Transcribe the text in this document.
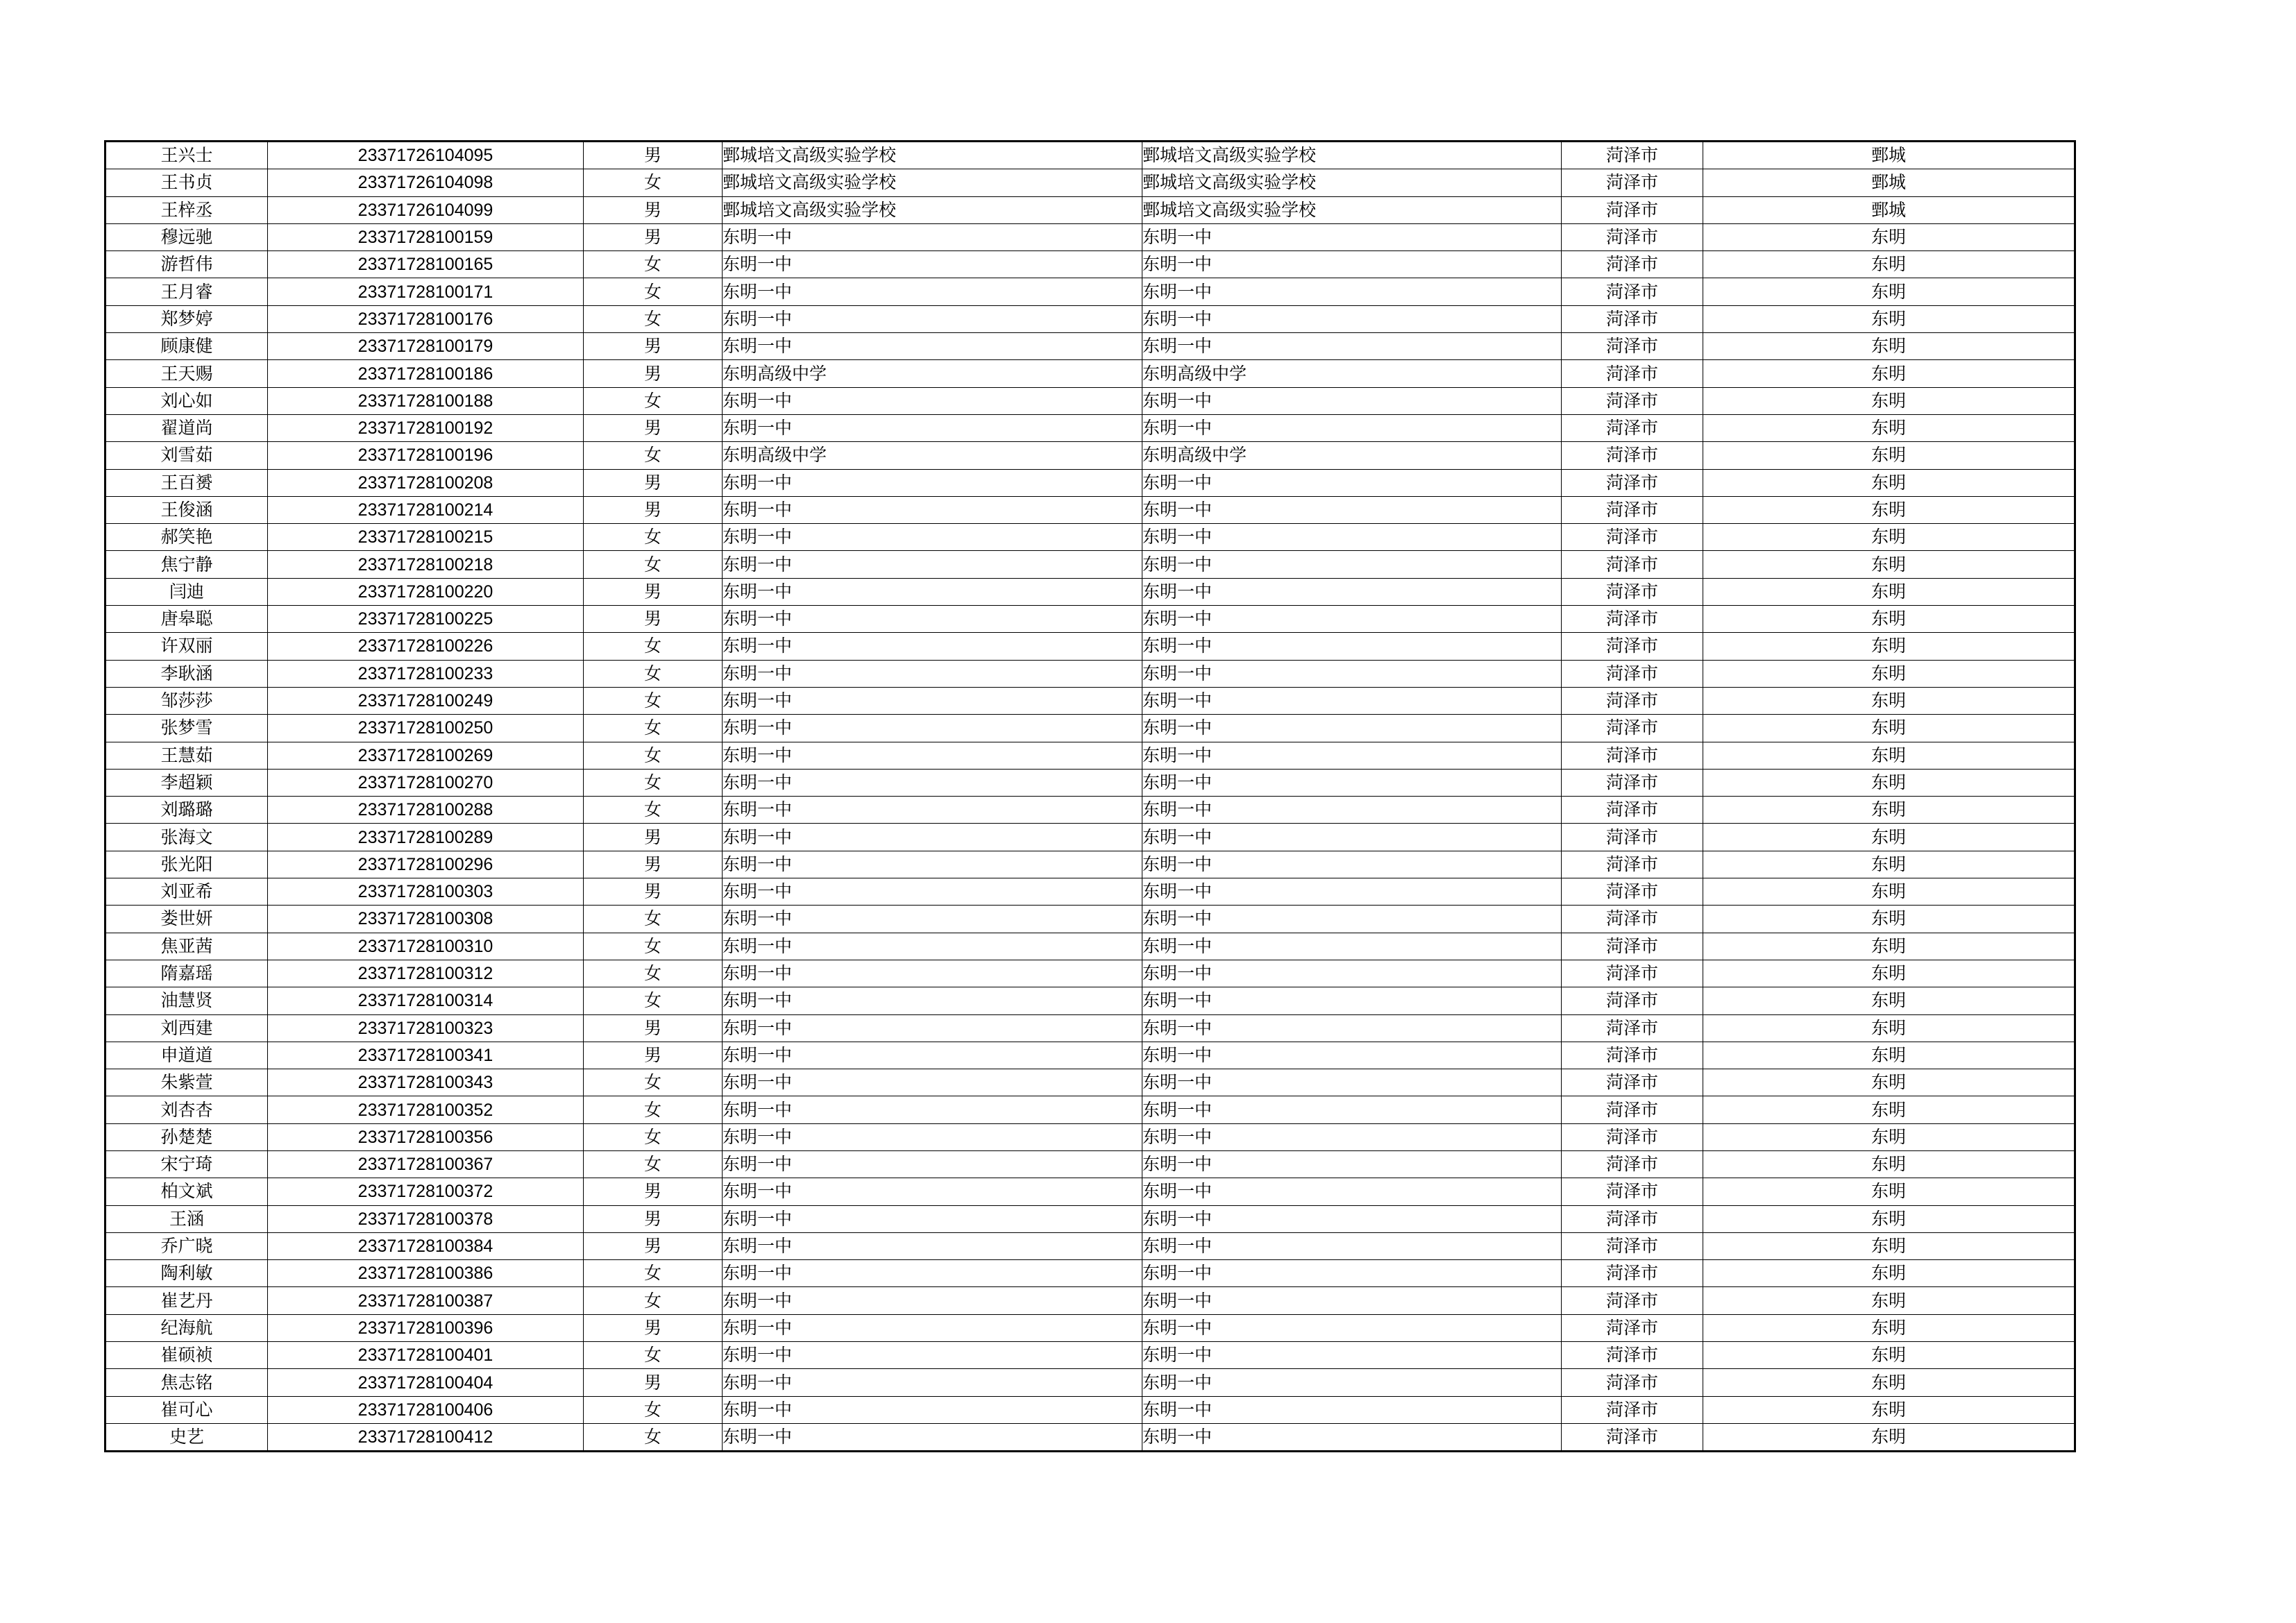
王兴士	23371726104095	男	鄄城培文高级实验学校	鄄城培文高级实验学校	菏泽市	鄄城
王书贞	23371726104098	女	鄄城培文高级实验学校	鄄城培文高级实验学校	菏泽市	鄄城
王梓丞	23371726104099	男	鄄城培文高级实验学校	鄄城培文高级实验学校	菏泽市	鄄城
穆远驰	23371728100159	男	东明一中	东明一中	菏泽市	东明
游哲伟	23371728100165	女	东明一中	东明一中	菏泽市	东明
王月睿	23371728100171	女	东明一中	东明一中	菏泽市	东明
郑梦婷	23371728100176	女	东明一中	东明一中	菏泽市	东明
顾康健	23371728100179	男	东明一中	东明一中	菏泽市	东明
王天赐	23371728100186	男	东明高级中学	东明高级中学	菏泽市	东明
刘心如	23371728100188	女	东明一中	东明一中	菏泽市	东明
翟道尚	23371728100192	男	东明一中	东明一中	菏泽市	东明
刘雪茹	23371728100196	女	东明高级中学	东明高级中学	菏泽市	东明
王百赟	23371728100208	男	东明一中	东明一中	菏泽市	东明
王俊涵	23371728100214	男	东明一中	东明一中	菏泽市	东明
郝笑艳	23371728100215	女	东明一中	东明一中	菏泽市	东明
焦宁静	23371728100218	女	东明一中	东明一中	菏泽市	东明
闫迪	23371728100220	男	东明一中	东明一中	菏泽市	东明
唐皋聪	23371728100225	男	东明一中	东明一中	菏泽市	东明
许双丽	23371728100226	女	东明一中	东明一中	菏泽市	东明
李耿涵	23371728100233	女	东明一中	东明一中	菏泽市	东明
邹莎莎	23371728100249	女	东明一中	东明一中	菏泽市	东明
张梦雪	23371728100250	女	东明一中	东明一中	菏泽市	东明
王慧茹	23371728100269	女	东明一中	东明一中	菏泽市	东明
李超颖	23371728100270	女	东明一中	东明一中	菏泽市	东明
刘璐璐	23371728100288	女	东明一中	东明一中	菏泽市	东明
张海文	23371728100289	男	东明一中	东明一中	菏泽市	东明
张光阳	23371728100296	男	东明一中	东明一中	菏泽市	东明
刘亚希	23371728100303	男	东明一中	东明一中	菏泽市	东明
娄世妍	23371728100308	女	东明一中	东明一中	菏泽市	东明
焦亚茜	23371728100310	女	东明一中	东明一中	菏泽市	东明
隋嘉瑶	23371728100312	女	东明一中	东明一中	菏泽市	东明
油慧贤	23371728100314	女	东明一中	东明一中	菏泽市	东明
刘西建	23371728100323	男	东明一中	东明一中	菏泽市	东明
申道道	23371728100341	男	东明一中	东明一中	菏泽市	东明
朱紫萱	23371728100343	女	东明一中	东明一中	菏泽市	东明
刘杏杏	23371728100352	女	东明一中	东明一中	菏泽市	东明
孙楚楚	23371728100356	女	东明一中	东明一中	菏泽市	东明
宋宁琦	23371728100367	女	东明一中	东明一中	菏泽市	东明
柏文斌	23371728100372	男	东明一中	东明一中	菏泽市	东明
王涵	23371728100378	男	东明一中	东明一中	菏泽市	东明
乔广晓	23371728100384	男	东明一中	东明一中	菏泽市	东明
陶利敏	23371728100386	女	东明一中	东明一中	菏泽市	东明
崔艺丹	23371728100387	女	东明一中	东明一中	菏泽市	东明
纪海航	23371728100396	男	东明一中	东明一中	菏泽市	东明
崔硕祯	23371728100401	女	东明一中	东明一中	菏泽市	东明
焦志铭	23371728100404	男	东明一中	东明一中	菏泽市	东明
崔可心	23371728100406	女	东明一中	东明一中	菏泽市	东明
史艺	23371728100412	女	东明一中	东明一中	菏泽市	东明
